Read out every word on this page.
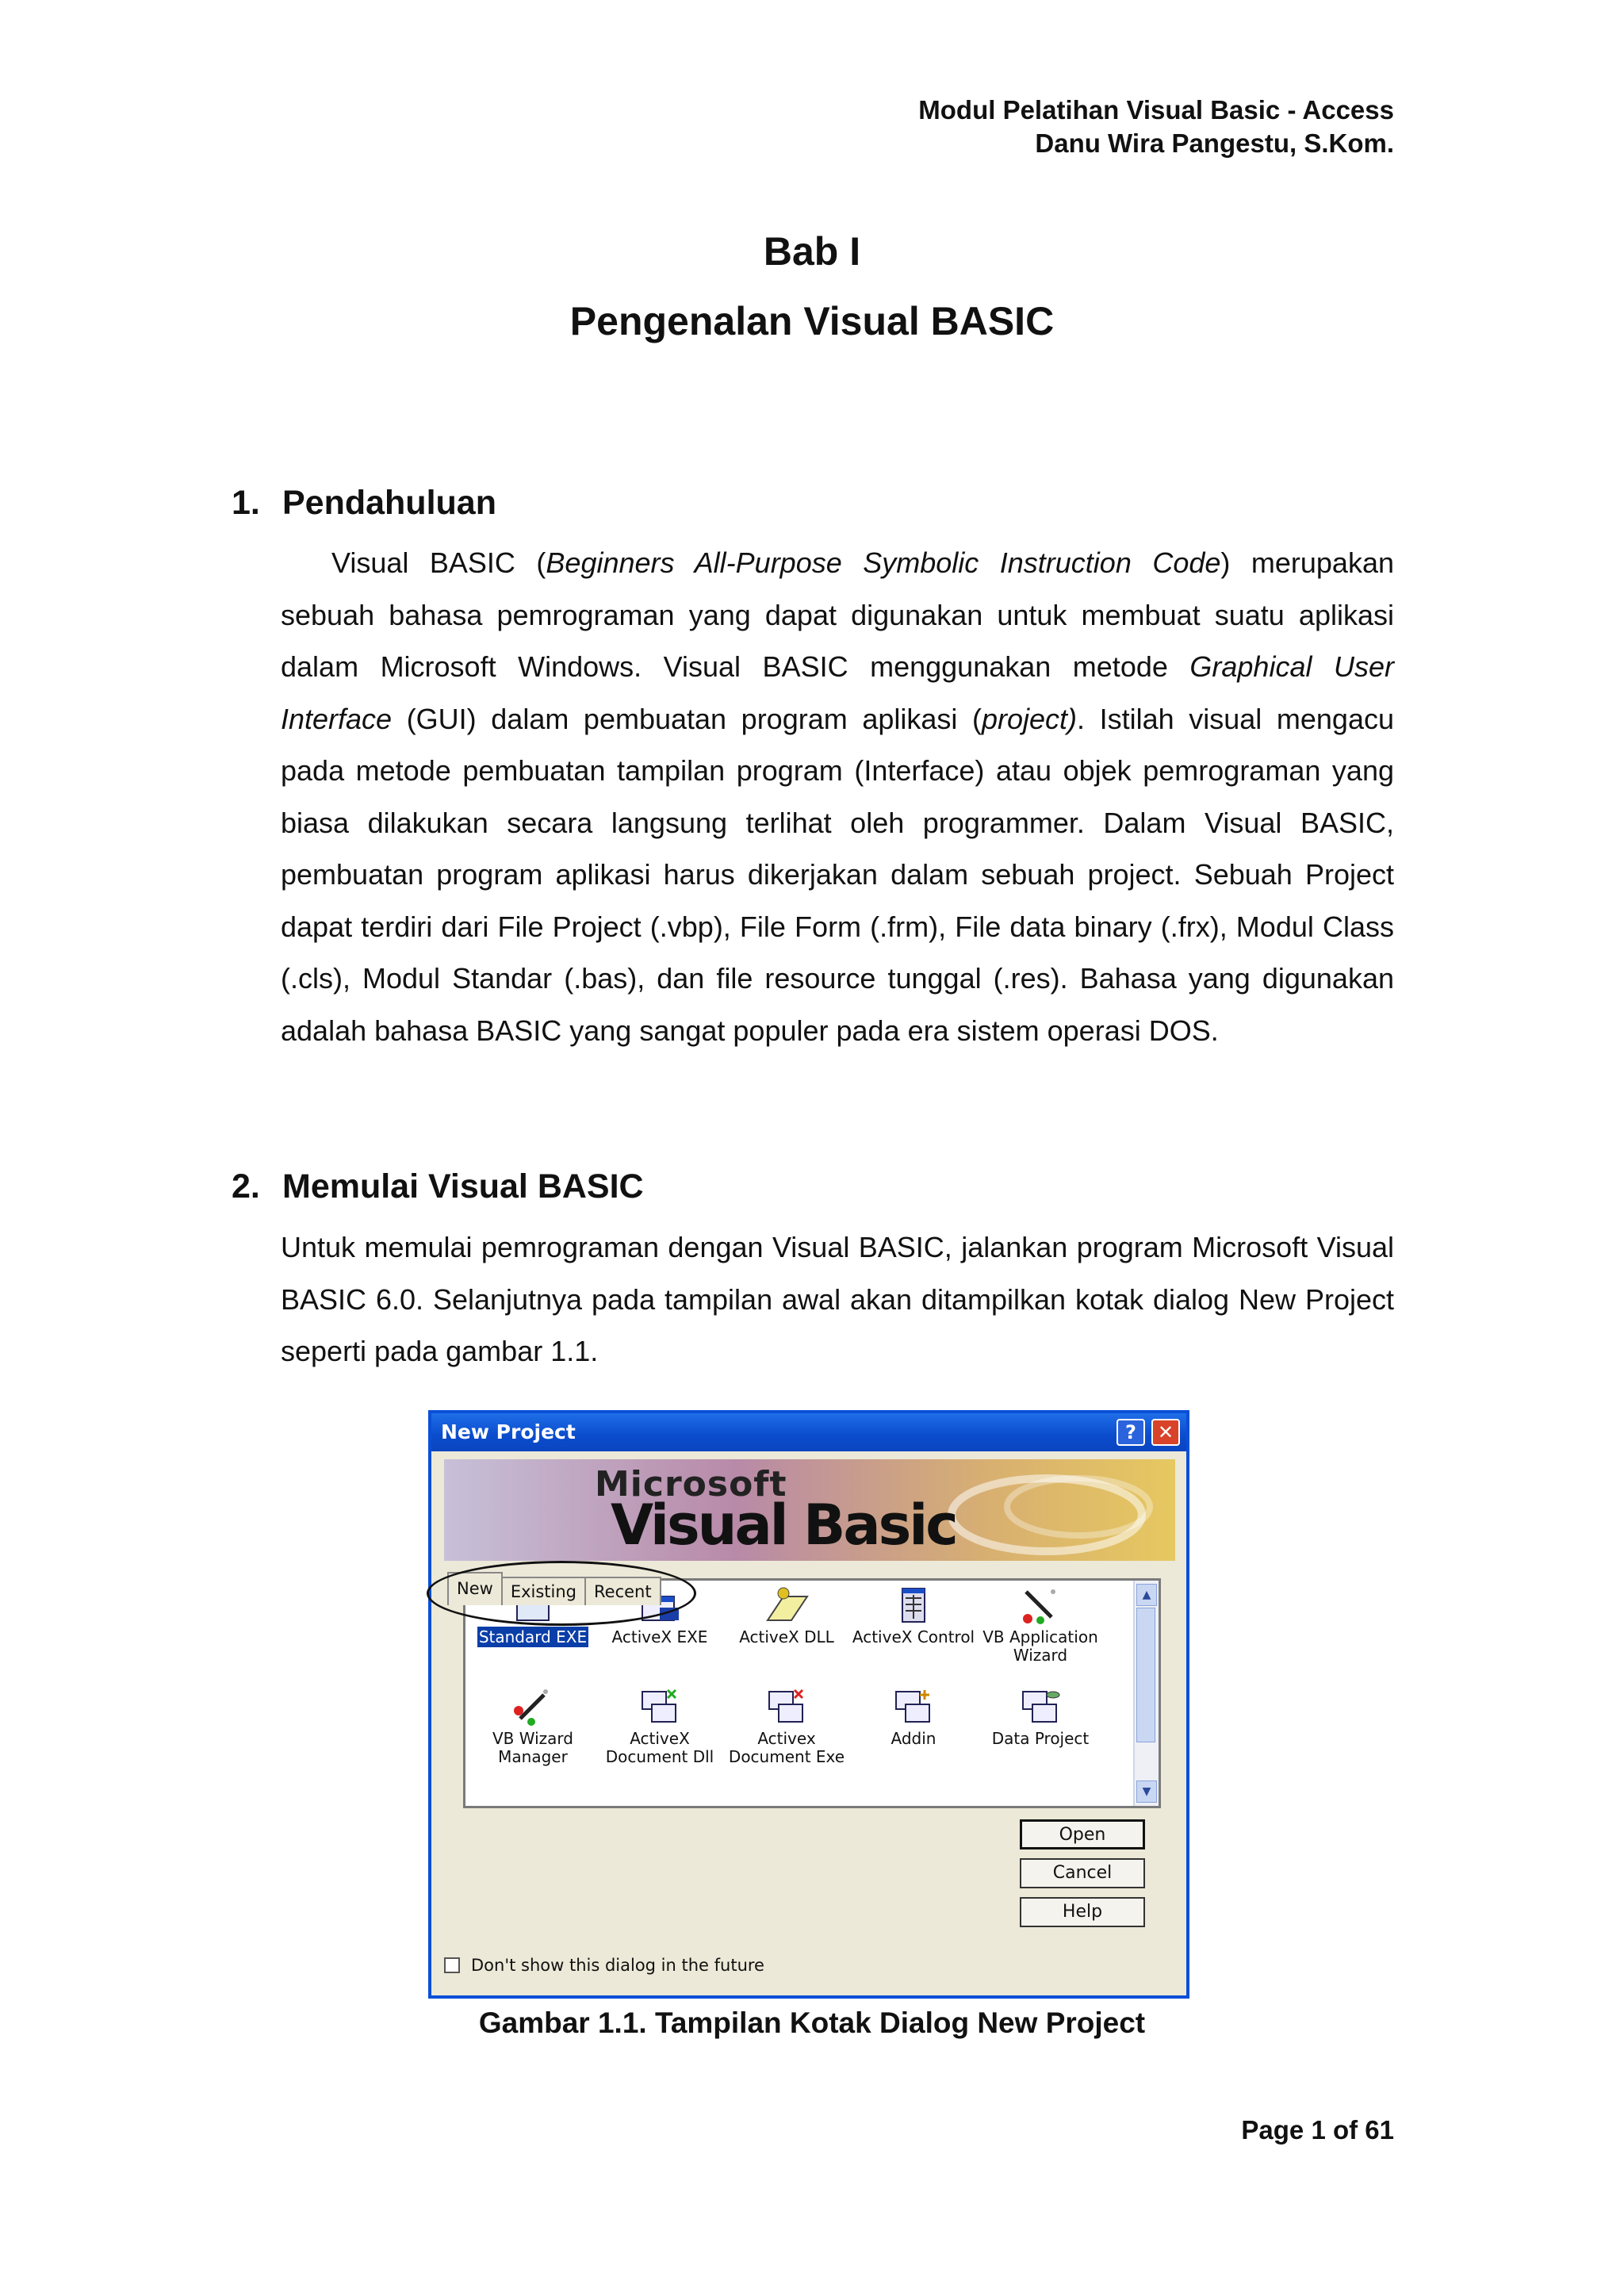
Modul Pelatihan Visual Basic - Access
Danu Wira Pangestu, S.Kom.
Bab I
Pengenalan Visual BASIC
1. Pendahuluan

Visual BASIC (Beginners All-Purpose Symbolic Instruction Code) merupakan sebuah bahasa pemrograman yang dapat digunakan untuk membuat suatu aplikasi dalam Microsoft Windows. Visual BASIC menggunakan metode Graphical User Interface (GUI) dalam pembuatan program aplikasi (project). Istilah visual mengacu pada metode pembuatan tampilan program (Interface) atau objek pemrograman yang biasa dilakukan secara langsung terlihat oleh programmer. Dalam Visual BASIC, pembuatan program aplikasi harus dikerjakan dalam sebuah project. Sebuah Project dapat terdiri dari File Project (.vbp), File Form (.frm), File data binary (.frx), Modul Class (.cls), Modul Standar (.bas), dan file resource tunggal (.res). Bahasa yang digunakan adalah bahasa BASIC yang sangat populer pada era sistem operasi DOS.

2. Memulai Visual BASIC

Untuk memulai pemrograman dengan Visual BASIC, jalankan program Microsoft Visual BASIC 6.0. Selanjutnya pada tampilan awal akan ditampilkan kotak dialog New Project seperti pada gambar 1.1.

New Project	?	✕
Microsoft
Visual Basic
Standard EXE	ActiveX EXE	ActiveX DLL	ActiveX Control VB Application Wizard
VB Wizard Manager
ActiveX Document Dll
Activex Document Exe
Addin	Data Project
▲
▼
New Existing Recent
Open
Cancel
Help
Don't show this dialog in the future
Gambar 1.1. Tampilan Kotak Dialog New Project
Page 1 of 61
